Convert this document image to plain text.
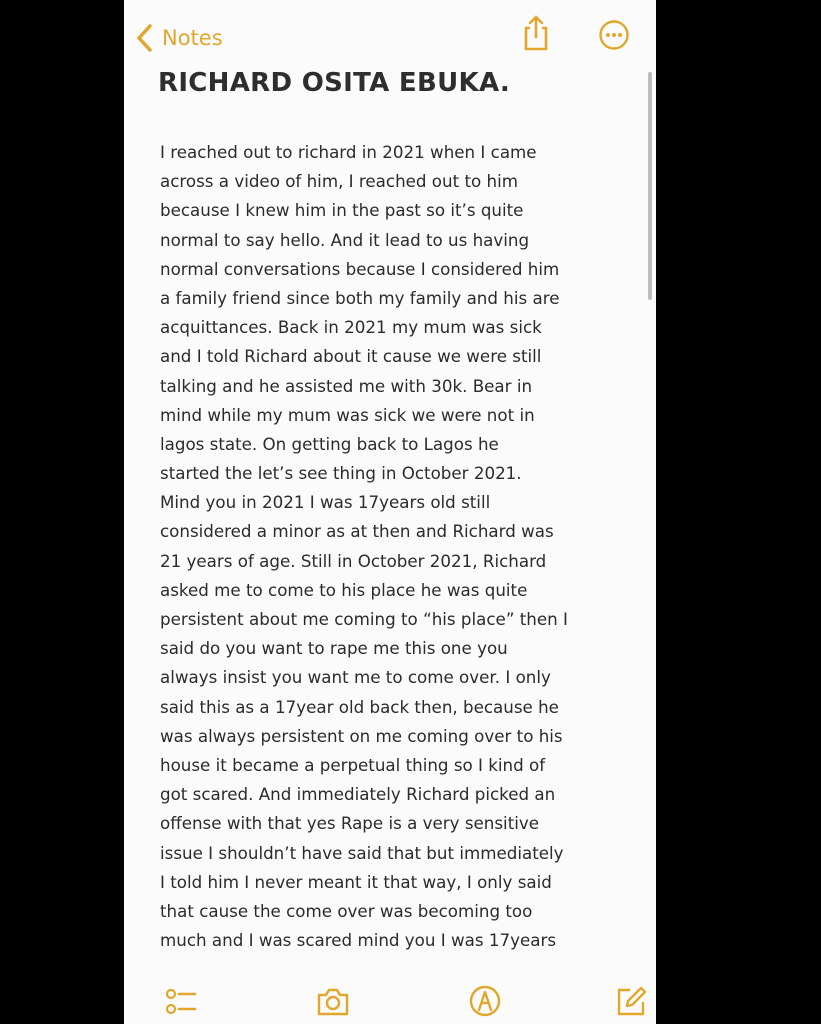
Notes
RICHARD OSITA EBUKA.
I reached out to richard in 2021 when I came
across a video of him, I reached out to him
because I knew him in the past so it’s quite
normal to say hello. And it lead to us having
normal conversations because I considered him
a family friend since both my family and his are
acquittances. Back in 2021 my mum was sick
and I told Richard about it cause we were still
talking and he assisted me with 30k. Bear in
mind while my mum was sick we were not in
lagos state. On getting back to Lagos he
started the let’s see thing in October 2021.
Mind you in 2021 I was 17years old still
considered a minor as at then and Richard was
21 years of age. Still in October 2021, Richard
asked me to come to his place he was quite
persistent about me coming to “his place” then I
said do you want to rape me this one you
always insist you want me to come over. I only
said this as a 17year old back then, because he
was always persistent on me coming over to his
house it became a perpetual thing so I kind of
got scared. And immediately Richard picked an
offense with that yes Rape is a very sensitive
issue I shouldn’t have said that but immediately
I told him I never meant it that way, I only said
that cause the come over was becoming too
much and I was scared mind you I was 17years
